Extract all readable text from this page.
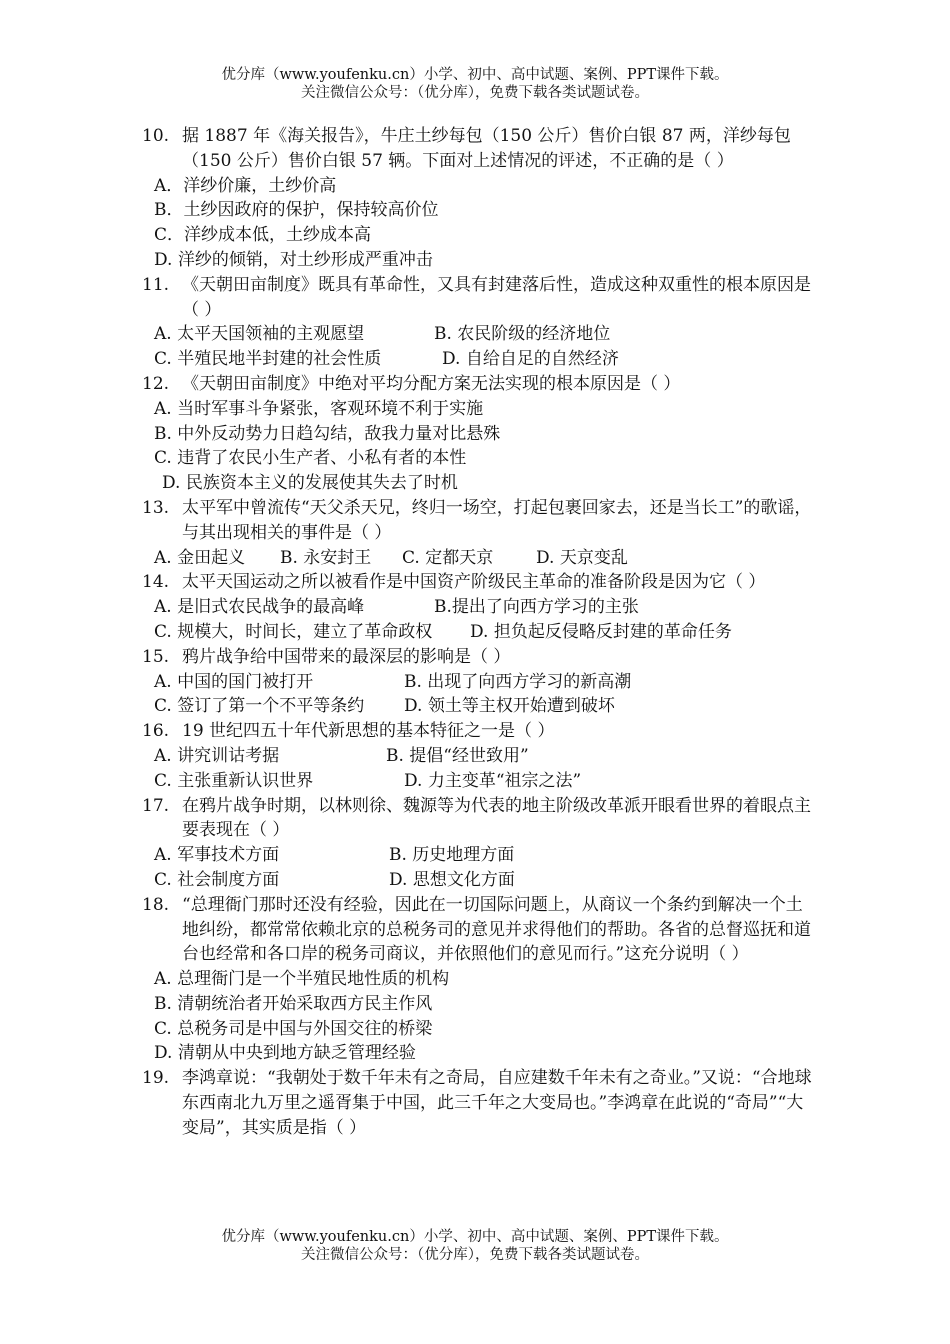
优分库（www.youfenku.cn）小学、初中、高中试题、案例、PPT课件下载。
关注微信公众号：（优分库），免费下载各类试题试卷。
10. 据 1887 年《海关报告》，牛庄土纱每包（150 公斤）售价白银 87 两，洋纱每包（150 公斤）售价白银 57 辆。下面对上述情况的评述，不正确的是（ ）
A．洋纱价廉，土纱价高
B．土纱因政府的保护，保持较高价位
C．洋纱成本低，土纱成本高
D. 洋纱的倾销，对土纱形成严重冲击
11. 《天朝田亩制度》既具有革命性，又具有封建落后性，造成这种双重性的根本原因是（ ）
A. 太平天国领袖的主观愿望	B. 农民阶级的经济地位
C. 半殖民地半封建的社会性质	D. 自给自足的自然经济
12. 《天朝田亩制度》中绝对平均分配方案无法实现的根本原因是（ ）
A. 当时军事斗争紧张，客观环境不利于实施
B. 中外反动势力日趋勾结，敌我力量对比悬殊
C. 违背了农民小生产者、小私有者的本性
D. 民族资本主义的发展使其失去了时机
13. 太平军中曾流传“天父杀天兄，终归一场空，打起包裹回家去，还是当长工”的歌谣，与其出现相关的事件是（ ）
A. 金田起义 B. 永安封王 C. 定都天京	D. 天京变乱
14. 太平天国运动之所以被看作是中国资产阶级民主革命的准备阶段是因为它（ ）
A. 是旧式农民战争的最高峰	B.提出了向西方学习的主张
C. 规模大，时间长，建立了革命政权 D. 担负起反侵略反封建的革命任务
15. 鸦片战争给中国带来的最深层的影响是（ ）
A. 中国的国门被打开	B. 出现了向西方学习的新高潮
C. 签订了第一个不平等条约 D. 领土等主权开始遭到破坏
16. 19 世纪四五十年代新思想的基本特征之一是（ ）
A. 讲究训诂考据	B. 提倡“经世致用”
C. 主张重新认识世界	D. 力主变革“祖宗之法”
17. 在鸦片战争时期，以林则徐、魏源等为代表的地主阶级改革派开眼看世界的着眼点主要表现在（ ）
A. 军事技术方面	B. 历史地理方面
C. 社会制度方面	D. 思想文化方面
18. “总理衙门那时还没有经验，因此在一切国际问题上，从商议一个条约到解决一个土地纠纷，都常常依赖北京的总税务司的意见并求得他们的帮助。各省的总督巡抚和道台也经常和各口岸的税务司商议，并依照他们的意见而行。”这充分说明（ ）
A. 总理衙门是一个半殖民地性质的机构
B. 清朝统治者开始采取西方民主作风
C. 总税务司是中国与外国交往的桥梁
D. 清朝从中央到地方缺乏管理经验
19. 李鸿章说：“我朝处于数千年未有之奇局，自应建数千年未有之奇业。”又说：“合地球东西南北九万里之遥胥集于中国，此三千年之大变局也。”李鸿章在此说的“奇局”“大变局”，其实质是指（ ）
优分库（www.youfenku.cn）小学、初中、高中试题、案例、PPT课件下载。
关注微信公众号：（优分库），免费下载各类试题试卷。
